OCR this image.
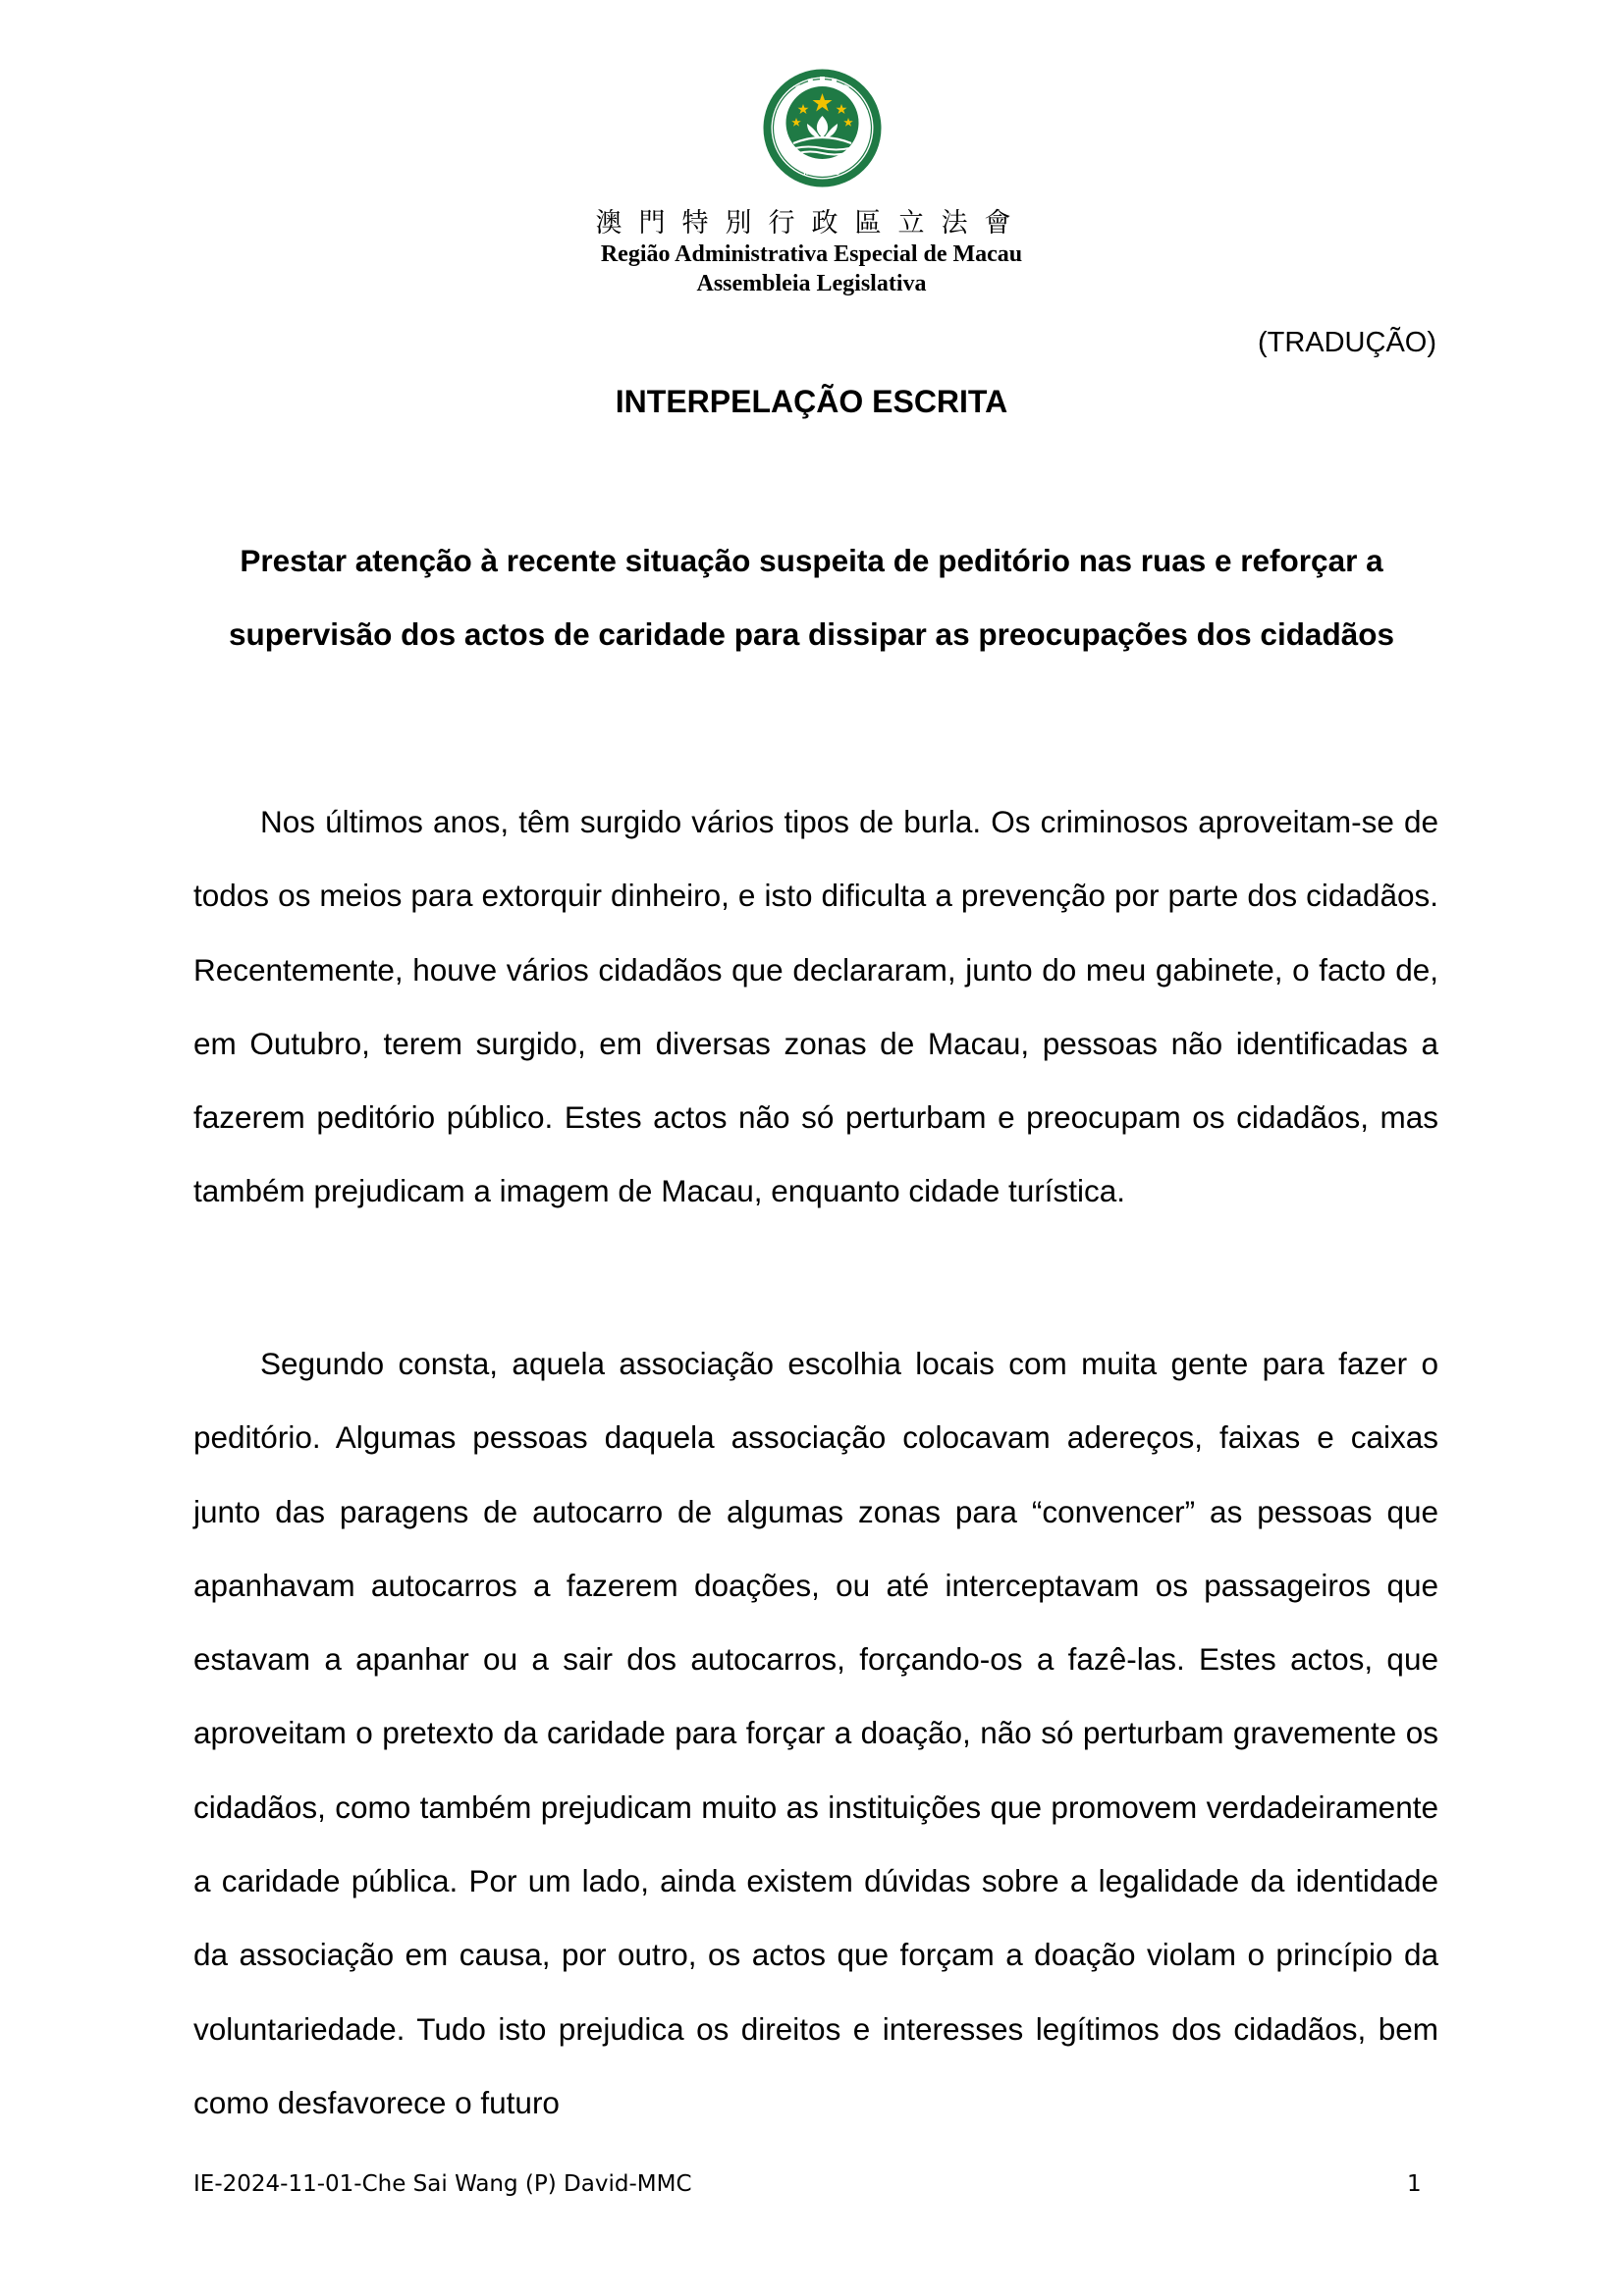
MACAU
澳門特別行政區立法會
Região Administrativa Especial de Macau
Assembleia Legislativa
(TRADUÇÃO)
INTERPELAÇÃO ESCRITA
Prestar atenção à recente situação suspeita de peditório nas ruas e reforçar a
supervisão dos actos de caridade para dissipar as preocupações dos cidadãos

Nos últimos anos, têm surgido vários tipos de burla. Os criminosos aproveitam-se de todos os meios para extorquir dinheiro, e isto dificulta a prevenção por parte dos cidadãos. Recentemente, houve vários cidadãos que declararam, junto do meu gabinete, o facto de, em Outubro, terem surgido, em diversas zonas de Macau, pessoas não identificadas a fazerem peditório público. Estes actos não só perturbam e preocupam os cidadãos, mas também prejudicam a imagem de Macau, enquanto cidade turística.

Segundo consta, aquela associação escolhia locais com muita gente para fazer o peditório. Algumas pessoas daquela associação colocavam adereços, faixas e caixas junto das paragens de autocarro de algumas zonas para “convencer” as pessoas que apanhavam autocarros a fazerem doações, ou até interceptavam os passageiros que estavam a apanhar ou a sair dos autocarros, forçando-os a fazê-las. Estes actos, que aproveitam o pretexto da caridade para forçar a doação, não só perturbam gravemente os cidadãos, como também prejudicam muito as instituições que promovem verdadeiramente a caridade pública. Por um lado, ainda existem dúvidas sobre a legalidade da identidade da associação em causa, por outro, os actos que forçam a doação violam o princípio da voluntariedade. Tudo isto prejudica os direitos e interesses legítimos dos cidadãos, bem como desfavorece o futuro

IE-2024-11-01-Che Sai Wang (P) David-MMC	1
